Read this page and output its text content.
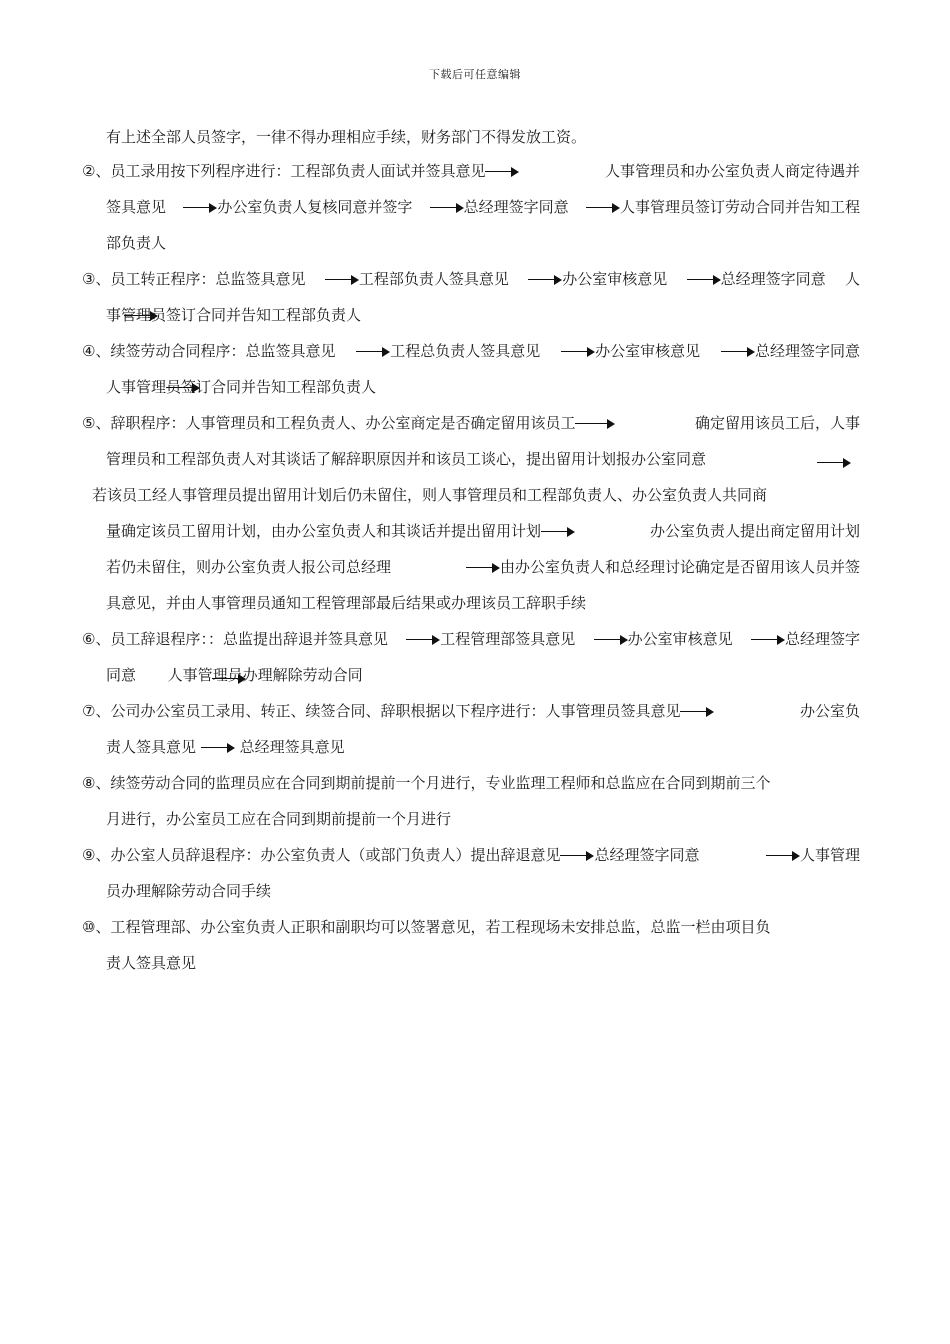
下载后可任意编辑
有上述全部人员签字，一律不得办理相应手续，财务部门不得发放工资。
②、员工录用按下列程序进行：工程部负责人面试并签具意见	人事管理员和办公室负责人商定待遇并
签具意见	办公室负责人复核同意并签字	总经理签字同意	人事管理员签订劳动合同并告知工程
部负责人
③、员工转正程序：总监签具意见	工程部负责人签具意见	办公室审核意见	总经理签字同意 人
事管理员签订合同并告知工程部负责人
④、续签劳动合同程序：总监签具意见	工程总负责人签具意见	办公室审核意见	总经理签字同意
人事管理员签订合同并告知工程部负责人
⑤、辞职程序：人事管理员和工程负责人、办公室商定是否确定留用该员工	确定留用该员工后，人事
管理员和工程部负责人对其谈话了解辞职原因并和该员工谈心，提出留用计划报办公室同意
若该员工经人事管理员提出留用计划后仍未留住，则人事管理员和工程部负责人、办公室负责人共同商
量确定该员工留用计划，由办公室负责人和其谈话并提出留用计划	办公室负责人提出商定留用计划
若仍未留住，则办公室负责人报公司总经理	由办公室负责人和总经理讨论确定是否留用该人员并签
具意见，并由人事管理员通知工程管理部最后结果或办理该员工辞职手续
⑥、员工辞退程序：：总监提出辞退并签具意见	工程管理部签具意见	办公室审核意见	总经理签字
同意 人事管理员办理解除劳动合同
⑦、公司办公室员工录用、转正、续签合同、辞职根据以下程序进行：人事管理员签具意见	办公室负
责人签具意见	总经理签具意见
⑧、续签劳动合同的监理员应在合同到期前提前一个月进行，专业监理工程师和总监应在合同到期前三个
月进行，办公室员工应在合同到期前提前一个月进行
⑨、办公室人员辞退程序：办公室负责人（或部门负责人）提出辞退意见 总经理签字同意	人事管理
员办理解除劳动合同手续
⑩、工程管理部、办公室负责人正职和副职均可以签署意见，若工程现场未安排总监，总监一栏由项目负
责人签具意见
